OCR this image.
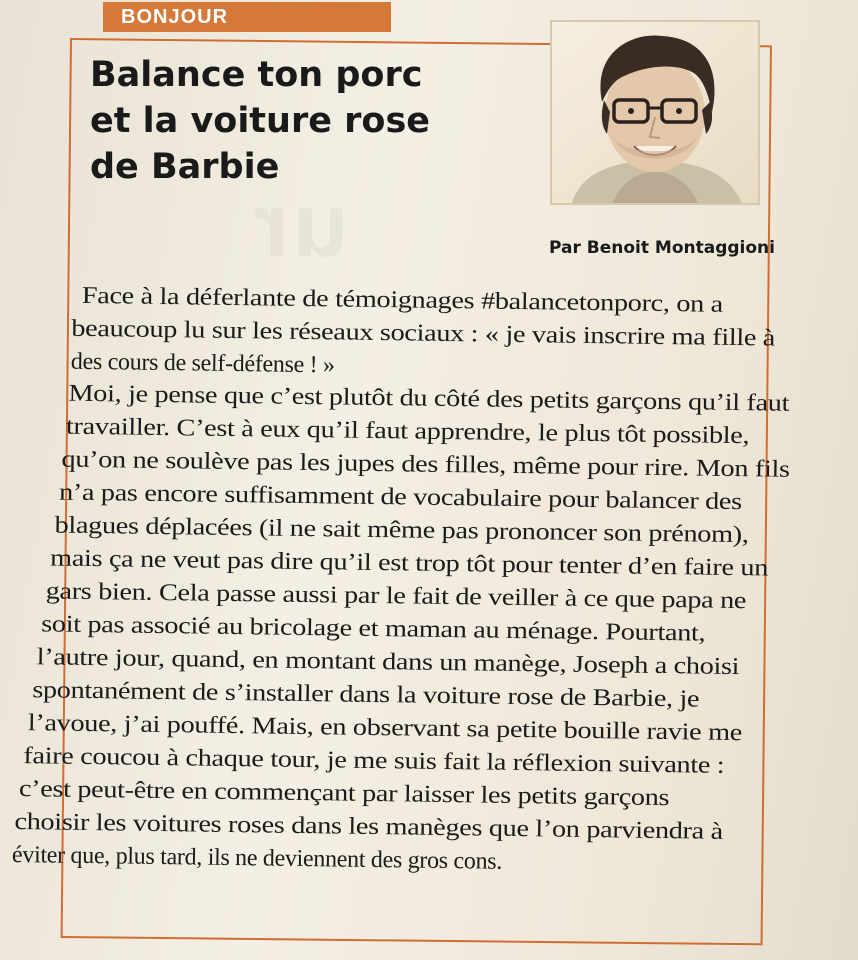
ur
BONJOUR
Balance ton porc
et la voiture rose
de Barbie
Par Benoit Montaggioni
Face à la déferlante de témoignages #balancetonporc, on a
beaucoup lu sur les réseaux sociaux : « je vais inscrire ma fille à
des cours de self-défense ! »
Moi, je pense que c’est plutôt du côté des petits garçons qu’il faut
travailler. C’est à eux qu’il faut apprendre, le plus tôt possible,
qu’on ne soulève pas les jupes des filles, même pour rire. Mon fils
n’a pas encore suffisamment de vocabulaire pour balancer des
blagues déplacées (il ne sait même pas prononcer son prénom),
mais ça ne veut pas dire qu’il est trop tôt pour tenter d’en faire un
gars bien. Cela passe aussi par le fait de veiller à ce que papa ne
soit pas associé au bricolage et maman au ménage. Pourtant,
l’autre jour, quand, en montant dans un manège, Joseph a choisi
spontanément de s’installer dans la voiture rose de Barbie, je
l’avoue, j’ai pouffé. Mais, en observant sa petite bouille ravie me
faire coucou à chaque tour, je me suis fait la réflexion suivante :
c’est peut-être en commençant par laisser les petits garçons
choisir les voitures roses dans les manèges que l’on parviendra à
éviter que, plus tard, ils ne deviennent des gros cons.
